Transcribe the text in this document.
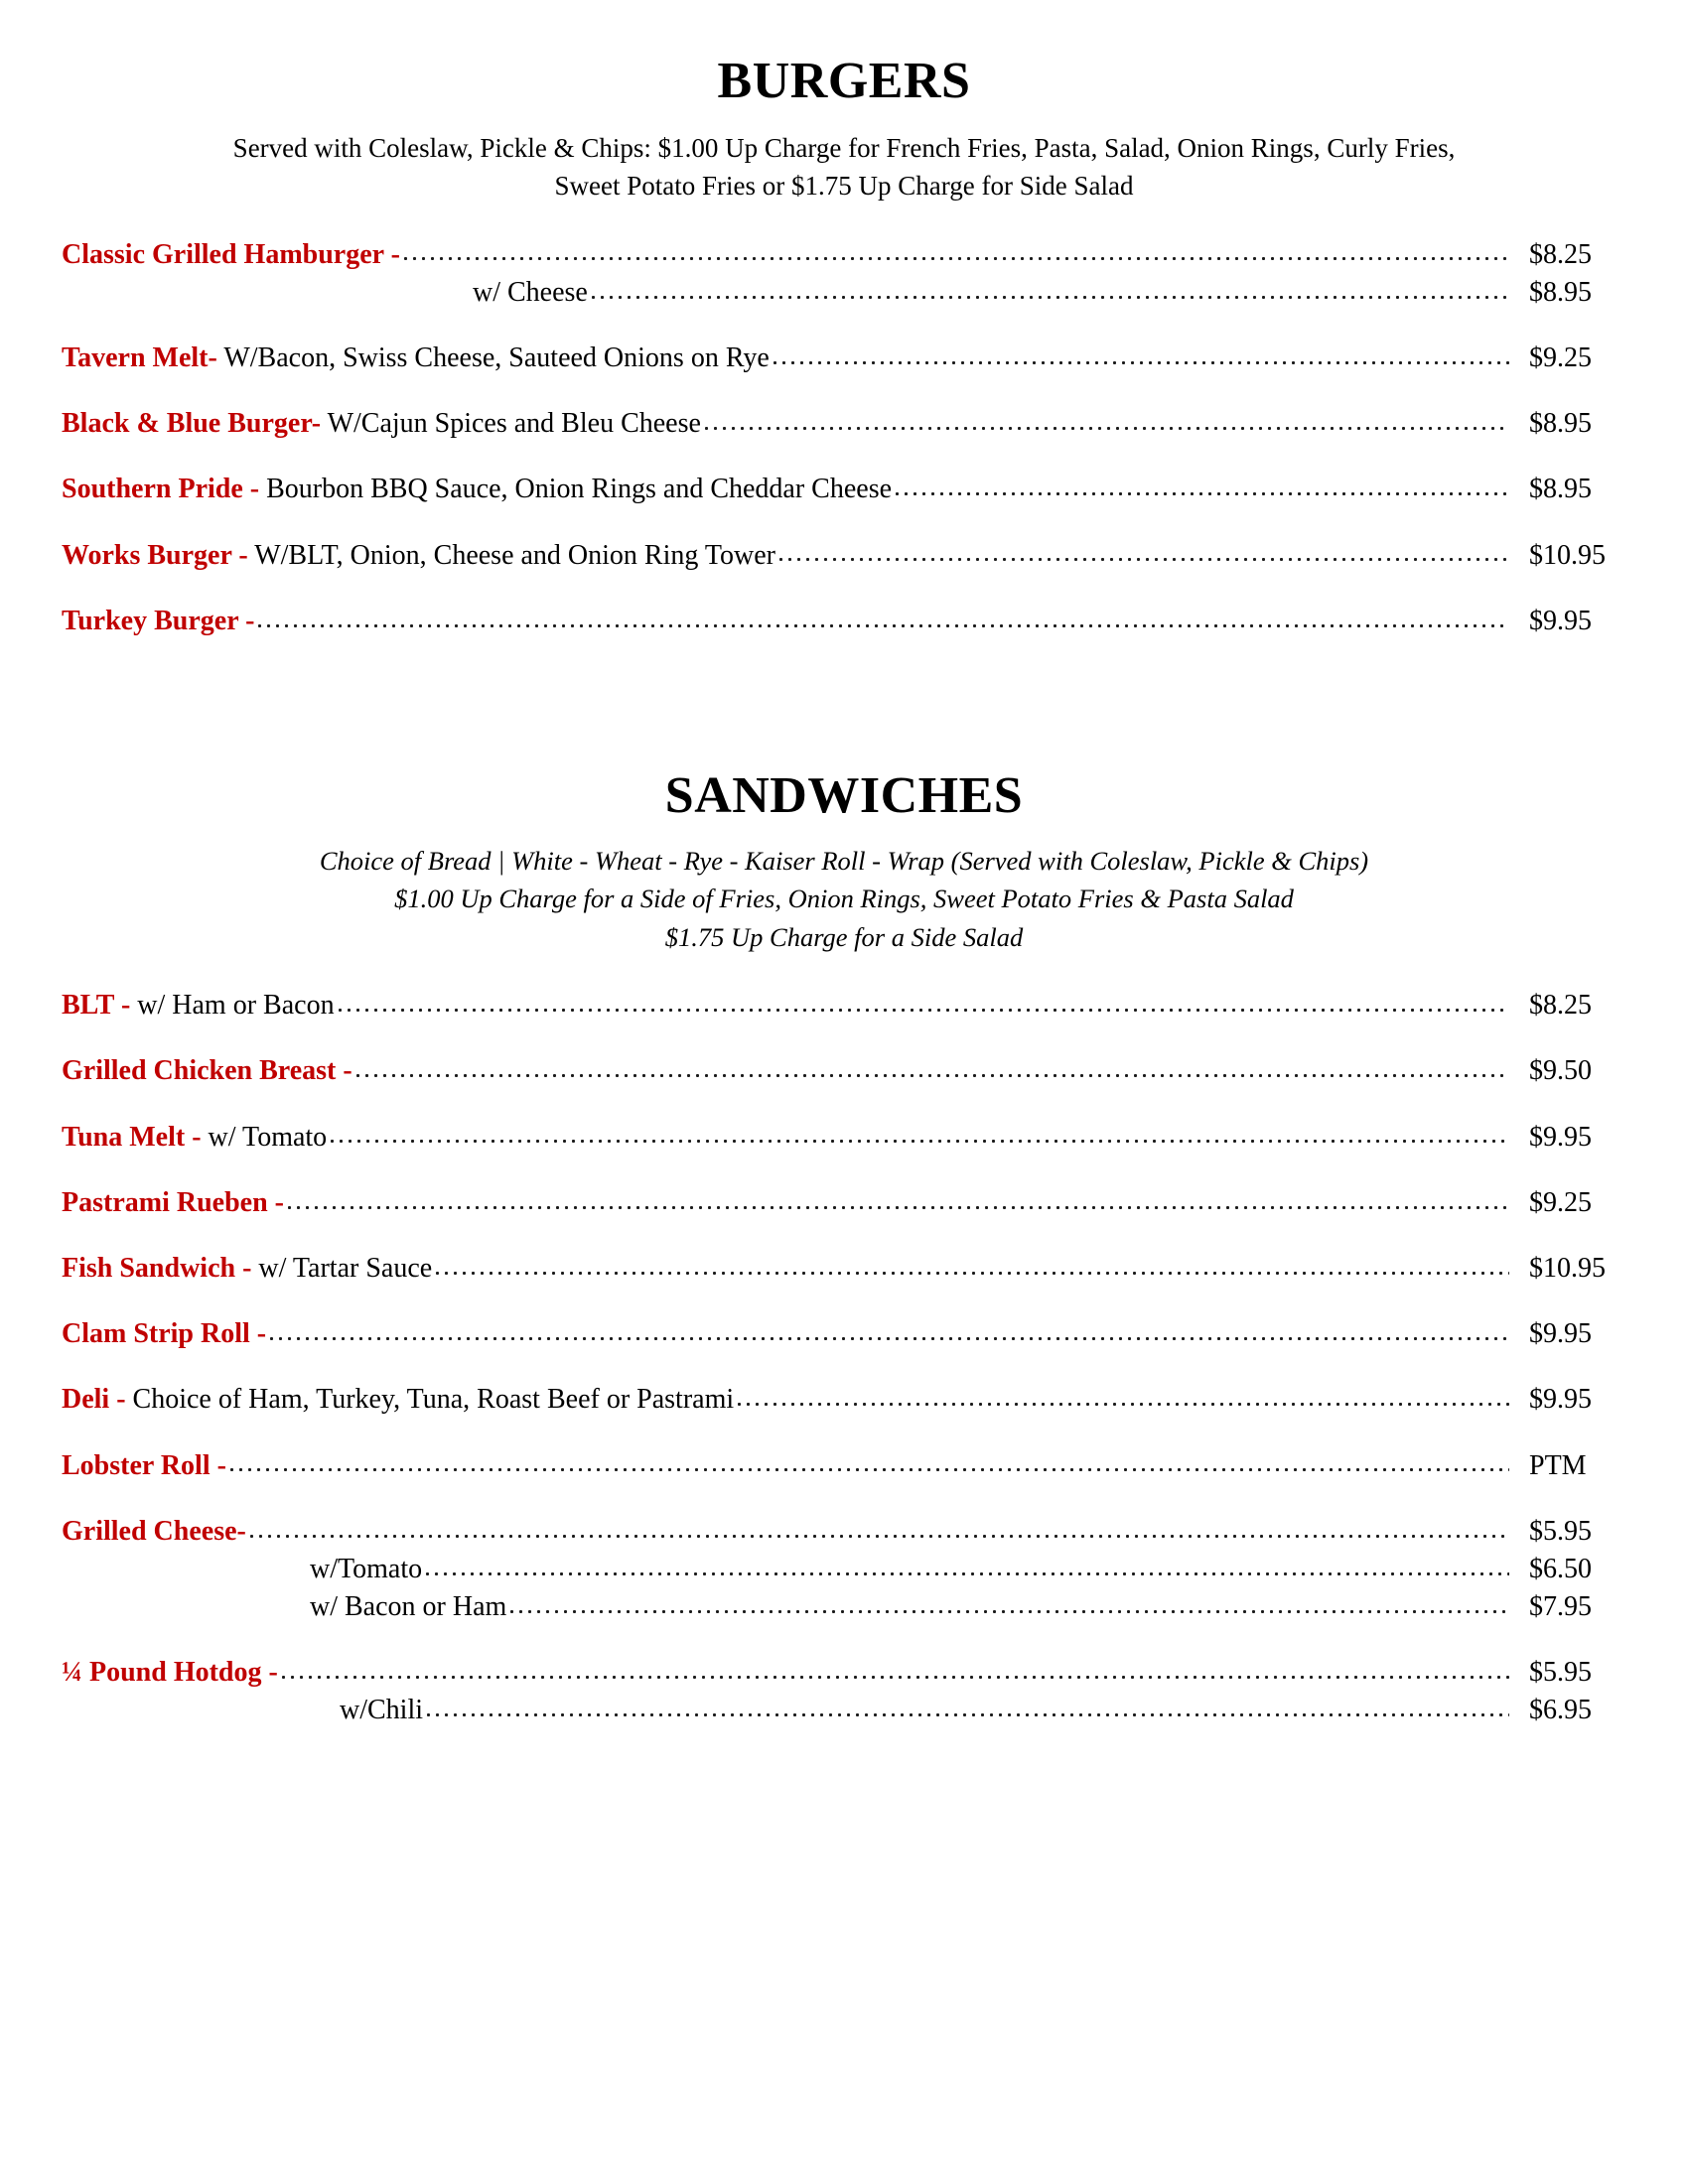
BURGERS
Served with Coleslaw, Pickle & Chips: $1.00 Up Charge for French Fries, Pasta, Salad, Onion Rings, Curly Fries,
Sweet Potato Fries or $1.75 Up Charge for Side Salad
Classic Grilled Hamburger -	$8.25
w/ Cheese	$8.95
Tavern Melt- W/Bacon, Swiss Cheese, Sauteed Onions on Rye	$9.25
Black & Blue Burger- W/Cajun Spices and Bleu Cheese	$8.95
Southern Pride - Bourbon BBQ Sauce, Onion Rings and Cheddar Cheese	$8.95
Works Burger - W/BLT, Onion, Cheese and Onion Ring Tower	$10.95
Turkey Burger -	$9.95
SANDWICHES
Choice of Bread | White - Wheat - Rye - Kaiser Roll - Wrap (Served with Coleslaw, Pickle & Chips)
$1.00 Up Charge for a Side of Fries, Onion Rings, Sweet Potato Fries & Pasta Salad
$1.75 Up Charge for a Side Salad
BLT - w/ Ham or Bacon	$8.25
Grilled Chicken Breast -	$9.50
Tuna Melt - w/ Tomato	$9.95
Pastrami Rueben -	$9.25
Fish Sandwich - w/ Tartar Sauce	$10.95
Clam Strip Roll -	$9.95
Deli - Choice of Ham, Turkey, Tuna, Roast Beef or Pastrami	$9.95
Lobster Roll -	PTM
Grilled Cheese-	$5.95
w/Tomato	$6.50
w/ Bacon or Ham	$7.95
¼ Pound Hotdog -	$5.95
w/Chili	$6.95
